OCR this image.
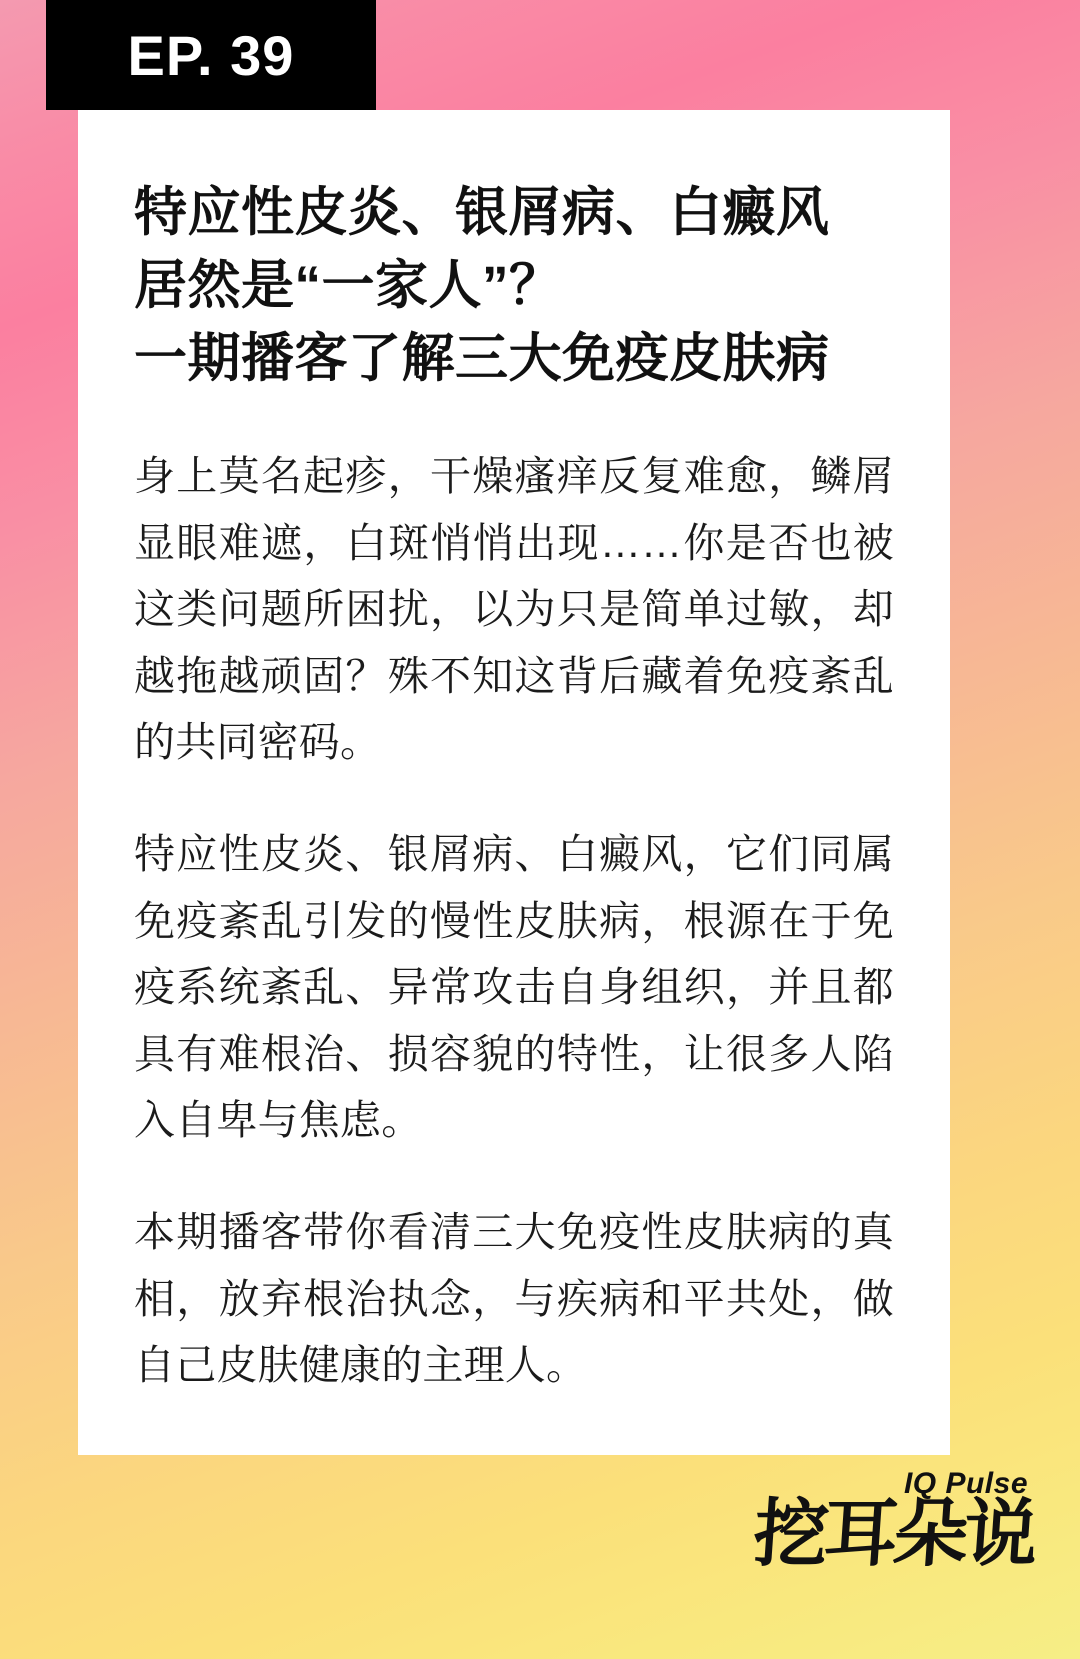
EP. 39
特应性皮炎、银屑病、白癜风
居然是“一家人”？
一期播客了解三大免疫皮肤病

身上莫名起疹，干燥瘙痒反复难愈，鳞屑显眼难遮，白斑悄悄出现……你是否也被这类问题所困扰，以为只是简单过敏，却越拖越顽固？殊不知这背后藏着免疫紊乱的共同密码。

特应性皮炎、银屑病、白癜风，它们同属免疫紊乱引发的慢性皮肤病，根源在于免疫系统紊乱、异常攻击自身组织，并且都具有难根治、损容貌的特性，让很多人陷入自卑与焦虑。

本期播客带你看清三大免疫性皮肤病的真相，放弃根治执念，与疾病和平共处，做自己皮肤健康的主理人。

IQ Pulse
挖耳朵说
